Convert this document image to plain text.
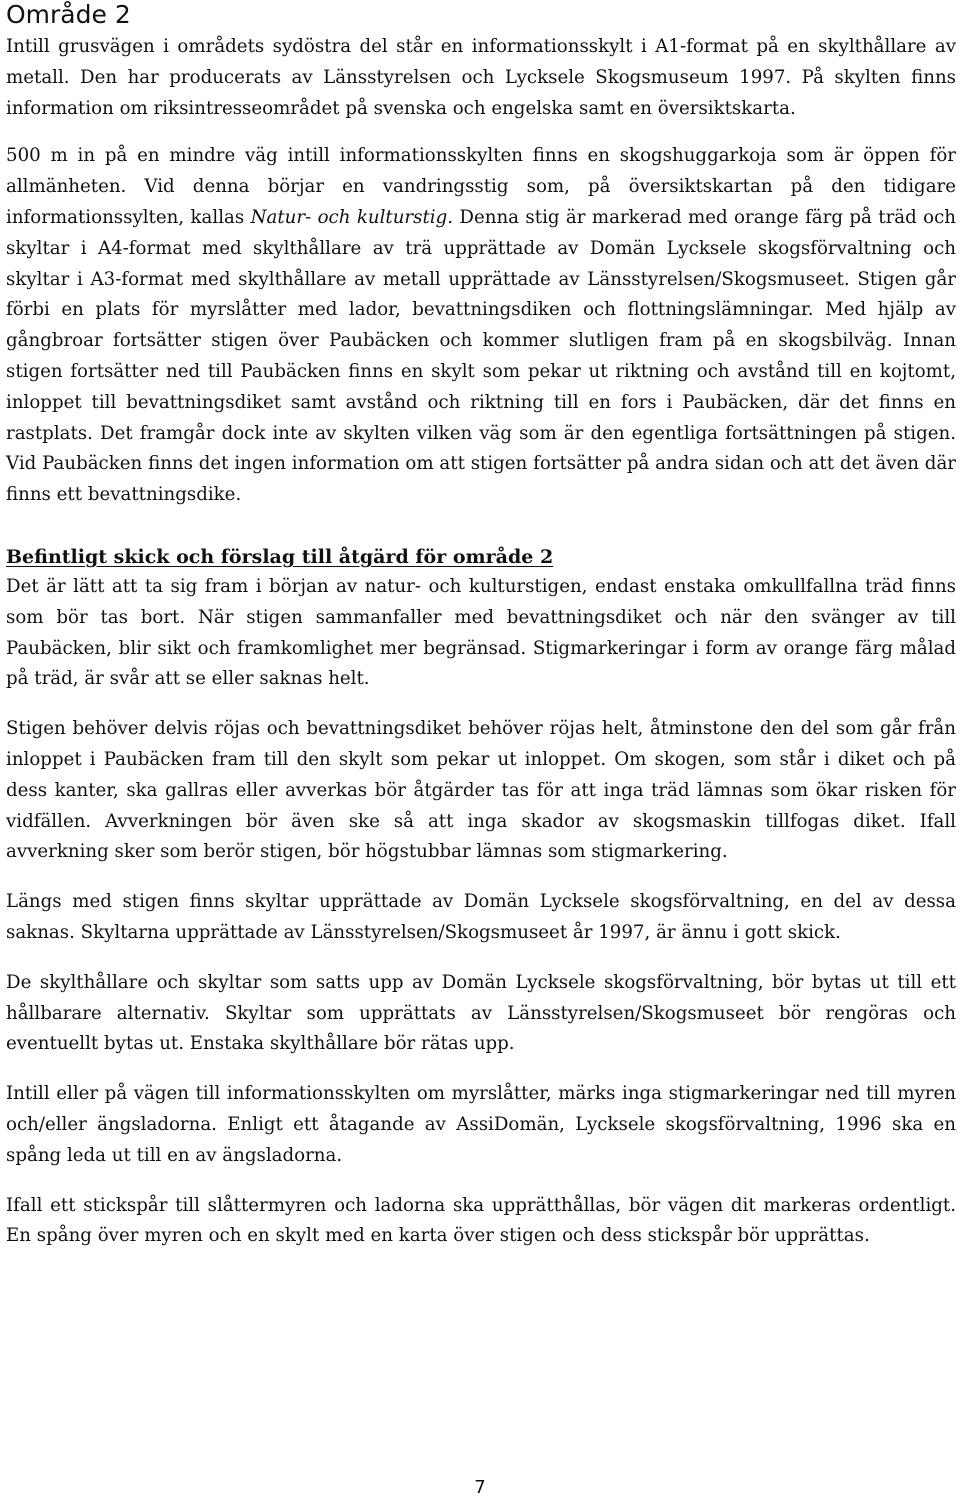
Område 2

Intill grusvägen i områdets sydöstra del står en informationsskylt i A1-format på en skylthållare av metall. Den har producerats av Länsstyrelsen och Lycksele Skogsmuseum 1997. På skylten finns information om riksintresseområdet på svenska och engelska samt en översiktskarta.

500 m in på en mindre väg intill informationsskylten finns en skogshuggarkoja som är öppen för allmänheten. Vid denna börjar en vandringsstig som, på översiktskartan på den tidigare informationssylten, kallas Natur- och kulturstig. Denna stig är markerad med orange färg på träd och skyltar i A4-format med skylthållare av trä upprättade av Domän Lycksele skogsförvaltning och skyltar i A3-format med skylthållare av metall upprättade av Länsstyrelsen/Skogsmuseet. Stigen går förbi en plats för myrslåtter med lador, bevattningsdiken och flottningslämningar. Med hjälp av gångbroar fortsätter stigen över Paubäcken och kommer slutligen fram på en skogsbilväg. Innan stigen fortsätter ned till Paubäcken finns en skylt som pekar ut riktning och avstånd till en kojtomt, inloppet till bevattningsdiket samt avstånd och riktning till en fors i Paubäcken, där det finns en rastplats. Det framgår dock inte av skylten vilken väg som är den egentliga fortsättningen på stigen. Vid Paubäcken finns det ingen information om att stigen fortsätter på andra sidan och att det även där finns ett bevattningsdike.

Befintligt skick och förslag till åtgärd för område 2

Det är lätt att ta sig fram i början av natur- och kulturstigen, endast enstaka omkullfallna träd finns som bör tas bort. När stigen sammanfaller med bevattningsdiket och när den svänger av till Paubäcken, blir sikt och framkomlighet mer begränsad. Stigmarkeringar i form av orange färg målad på träd, är svår att se eller saknas helt.

Stigen behöver delvis röjas och bevattningsdiket behöver röjas helt, åtminstone den del som går från inloppet i Paubäcken fram till den skylt som pekar ut inloppet. Om skogen, som står i diket och på dess kanter, ska gallras eller avverkas bör åtgärder tas för att inga träd lämnas som ökar risken för vidfällen. Avverkningen bör även ske så att inga skador av skogsmaskin tillfogas diket. Ifall avverkning sker som berör stigen, bör högstubbar lämnas som stigmarkering.

Längs med stigen finns skyltar upprättade av Domän Lycksele skogsförvaltning, en del av dessa saknas. Skyltarna upprättade av Länsstyrelsen/Skogsmuseet år 1997, är ännu i gott skick.

De skylthållare och skyltar som satts upp av Domän Lycksele skogsförvaltning, bör bytas ut till ett hållbarare alternativ. Skyltar som upprättats av Länsstyrelsen/Skogsmuseet bör rengöras och eventuellt bytas ut. Enstaka skylthållare bör rätas upp.

Intill eller på vägen till informationsskylten om myrslåtter, märks inga stigmarkeringar ned till myren och/eller ängsladorna. Enligt ett åtagande av AssiDomän, Lycksele skogsförvaltning, 1996 ska en spång leda ut till en av ängsladorna.

Ifall ett stickspår till slåttermyren och ladorna ska upprätthållas, bör vägen dit markeras ordentligt. En spång över myren och en skylt med en karta över stigen och dess stickspår bör upprättas.

7
